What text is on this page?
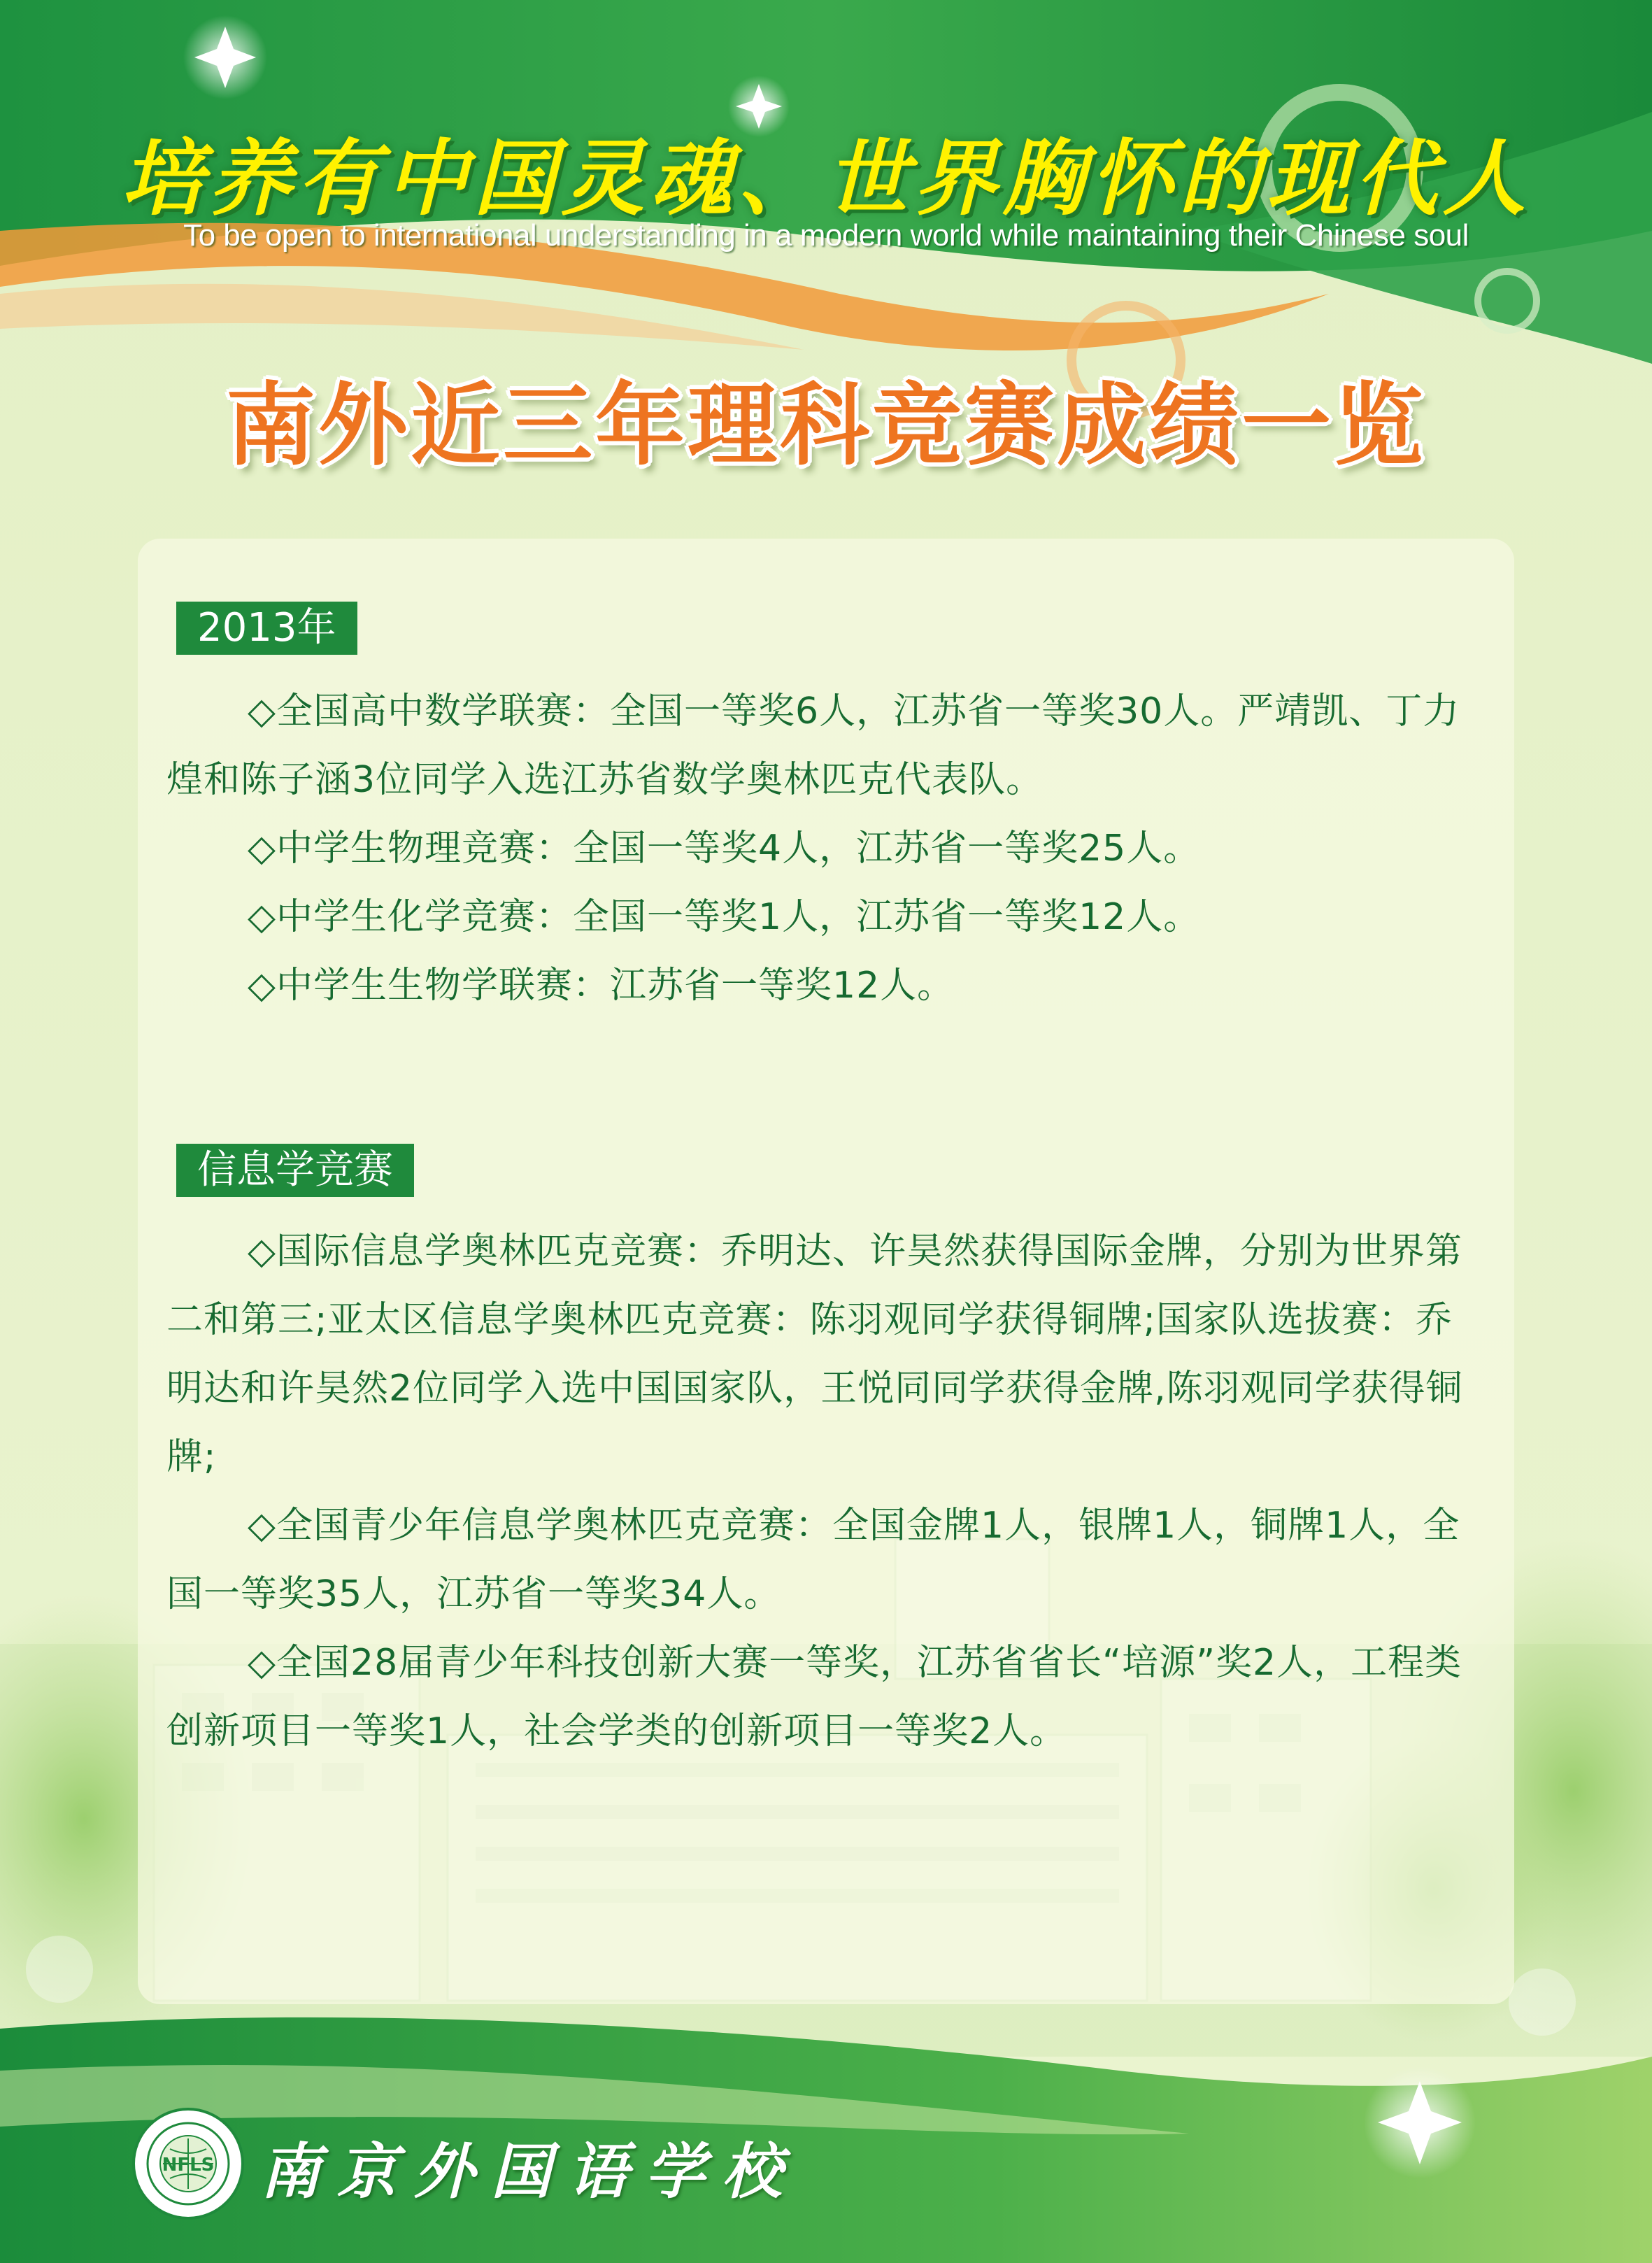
培养有中国灵魂、世界胸怀的现代人
To be open to international understanding in a modern world while maintaining their Chinese soul
南外近三年理科竞赛成绩一览
2013年

◇全国高中数学联赛：全国一等奖6人，江苏省一等奖30人。严靖凯、丁力煌和陈子涵3位同学入选江苏省数学奥林匹克代表队。

◇中学生物理竞赛：全国一等奖4人，江苏省一等奖25人。

◇中学生化学竞赛：全国一等奖1人，江苏省一等奖12人。

◇中学生生物学联赛：江苏省一等奖12人。

信息学竞赛

◇国际信息学奥林匹克竞赛：乔明达、许昊然获得国际金牌，分别为世界第二和第三;亚太区信息学奥林匹克竞赛：陈羽观同学获得铜牌;国家队选拔赛：乔明达和许昊然2位同学入选中国国家队，王悦同同学获得金牌,陈羽观同学获得铜牌;

◇全国青少年信息学奥林匹克竞赛：全国金牌1人，银牌1人，铜牌1人，全国一等奖35人，江苏省一等奖34人。

◇全国28届青少年科技创新大赛一等奖，江苏省省长“培源”奖2人，工程类创新项目一等奖1人，社会学类的创新项目一等奖2人。

NFLS 南京外国语学校
